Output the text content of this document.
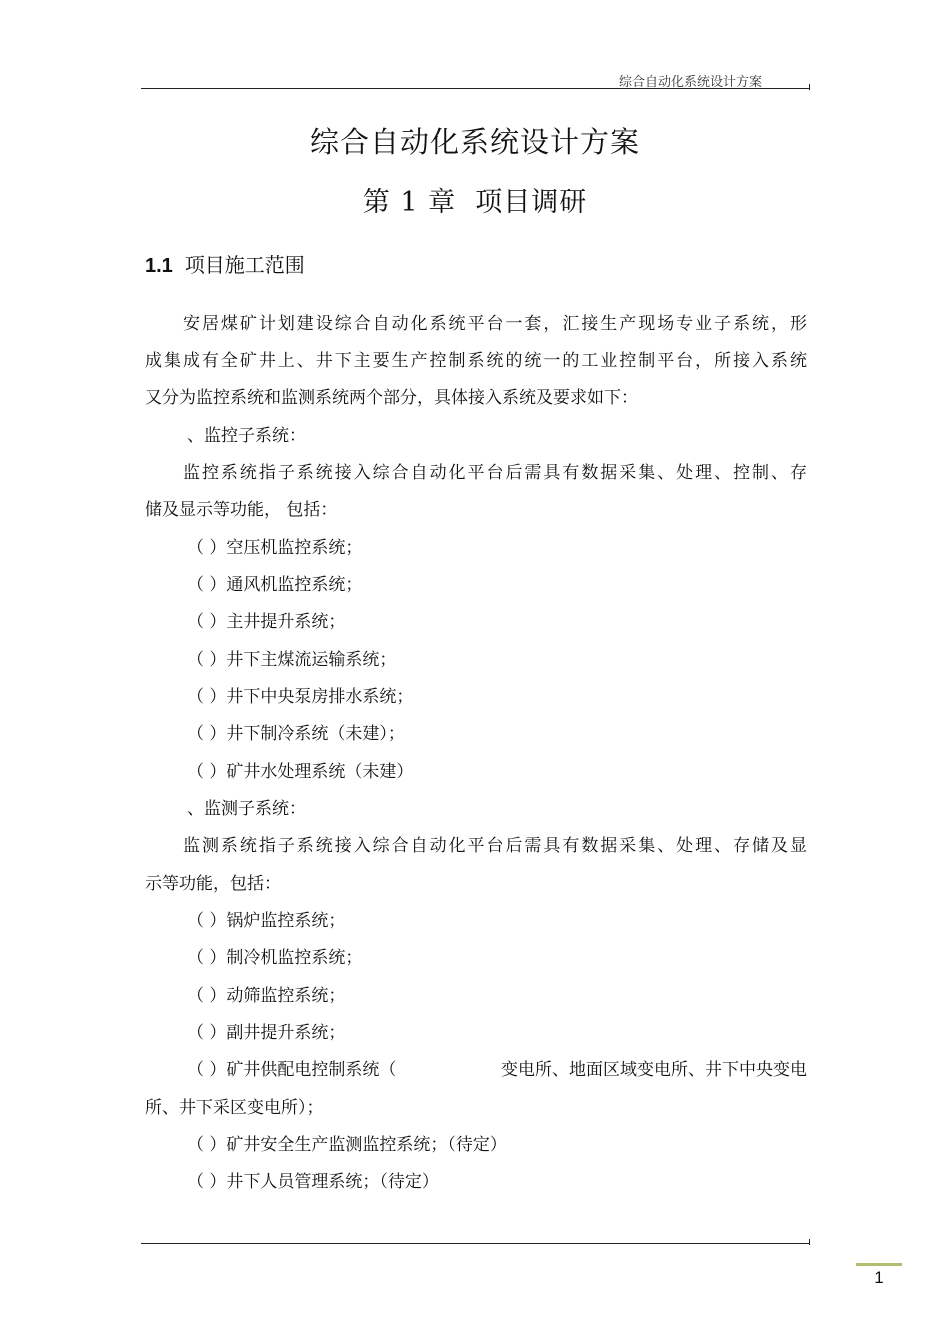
综合自动化系统设计方案
综合自动化系统设计方案
第 1 章 项目调研
1.1 项目施工范围
安居煤矿计划建设综合自动化系统平台一套，汇接生产现场专业子系统，形
成集成有全矿井上、井下主要生产控制系统的统一的工业控制平台，所接入系统
又分为监控系统和监测系统两个部分，具体接入系统及要求如下：
、监控子系统：
监控系统指子系统接入综合自动化平台后需具有数据采集、处理、控制、存
储及显示等功能， 包括：
（ ）空压机监控系统；
（ ）通风机监控系统；
（ ）主井提升系统；
（ ）井下主煤流运输系统；
（ ）井下中央泵房排水系统；
（ ）井下制冷系统（未建）；
（ ）矿井水处理系统（未建）
、监测子系统：
监测系统指子系统接入综合自动化平台后需具有数据采集、处理、存储及显
示等功能，包括：
（ ）锅炉监控系统；
（ ）制冷机监控系统；
（ ）动筛监控系统；
（ ）副井提升系统；
（ ）矿井供配电控制系统（	变电所、地面区域变电所、井下中央变电
所、井下采区变电所）；
（ ）矿井安全生产监测监控系统；（待定）
（ ）井下人员管理系统；（待定）
1
